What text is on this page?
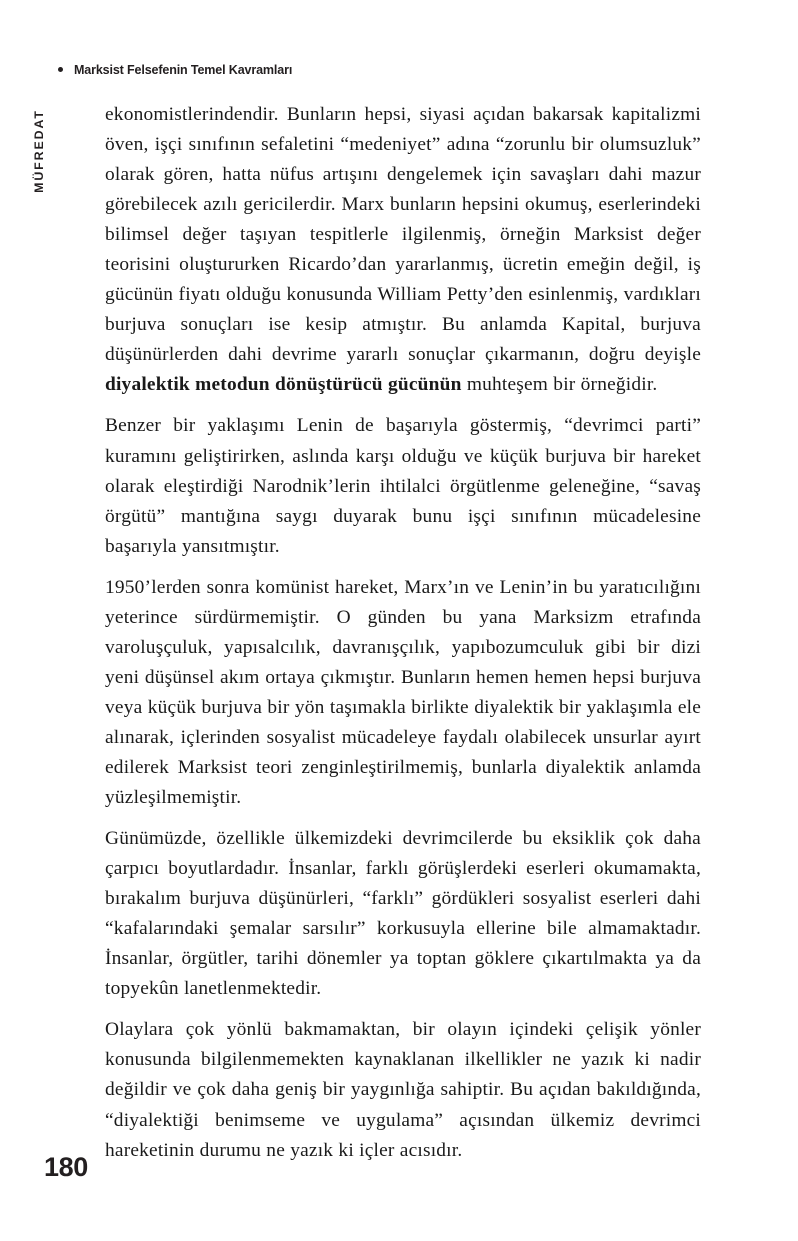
Marksist Felsefenin Temel Kavramları
MÜFREDAT	ekonomistlerindendir. Bunların hepsi, siyasi açıdan bakarsak kapitalizmi öven, işçi sınıfının sefaletini “medeniyet” adına “zorunlu bir olumsuzluk” olarak gören, hatta nüfus artışını dengelemek için savaşları dahi mazur görebilecek azılı gericilerdir. Marx bunların hepsini okumuş, eserlerindeki bilimsel değer taşıyan tespitlerle ilgilenmiş, örneğin Marksist değer teorisini oluştururken Ricardo’dan yararlanmış, ücretin emeğin değil, iş gücünün fiyatı olduğu konusunda William Petty’den esinlenmiş, vardıkları burjuva sonuçları ise kesip atmıştır. Bu anlamda Kapital, burjuva düşünürlerden dahi devrime yararlı sonuçlar çıkarmanın, doğru deyişle diyalektik metodun dönüştürücü gücünün muhteşem bir örneğidir.

Benzer bir yaklaşımı Lenin de başarıyla göstermiş, “devrimci parti” kuramını geliştirirken, aslında karşı olduğu ve küçük burjuva bir hareket olarak eleştirdiği Narodnik’lerin ihtilalci örgütlenme geleneğine, “savaş örgütü” mantığına saygı duyarak bunu işçi sınıfının mücadelesine başarıyla yansıtmıştır.

1950’lerden sonra komünist hareket, Marx’ın ve Lenin’in bu yaratıcılığını yeterince sürdürmemiştir. O günden bu yana Marksizm etrafında varoluşçuluk, yapısalcılık, davranışçılık, yapıbozumculuk gibi bir dizi yeni düşünsel akım ortaya çıkmıştır. Bunların hemen hemen hepsi burjuva veya küçük burjuva bir yön taşımakla birlikte diyalektik bir yaklaşımla ele alınarak, içlerinden sosyalist mücadeleye faydalı olabilecek unsurlar ayırt edilerek Marksist teori zenginleştirilmemiş, bunlarla diyalektik anlamda yüzleşilmemiştir.

Günümüzde, özellikle ülkemizdeki devrimcilerde bu eksiklik çok daha çarpıcı boyutlardadır. İnsanlar, farklı görüşlerdeki eserleri okumamakta, bırakalım burjuva düşünürleri, “farklı” gördükleri sosyalist eserleri dahi “kafalarındaki şemalar sarsılır” korkusuyla ellerine bile almamaktadır. İnsanlar, örgütler, tarihi dönemler ya toptan göklere çıkartılmakta ya da topyekûn lanetlenmektedir.

Olaylara çok yönlü bakmamaktan, bir olayın içindeki çelişik yönler konusunda bilgilenmemekten kaynaklanan ilkellikler ne yazık ki nadir değildir ve çok daha geniş bir yaygınlığa sahiptir. Bu açıdan bakıldığında, “diyalektiği benimseme ve uygulama” açısından ülkemiz devrimci hareketinin durumu ne yazık ki içler acısıdır.

180
